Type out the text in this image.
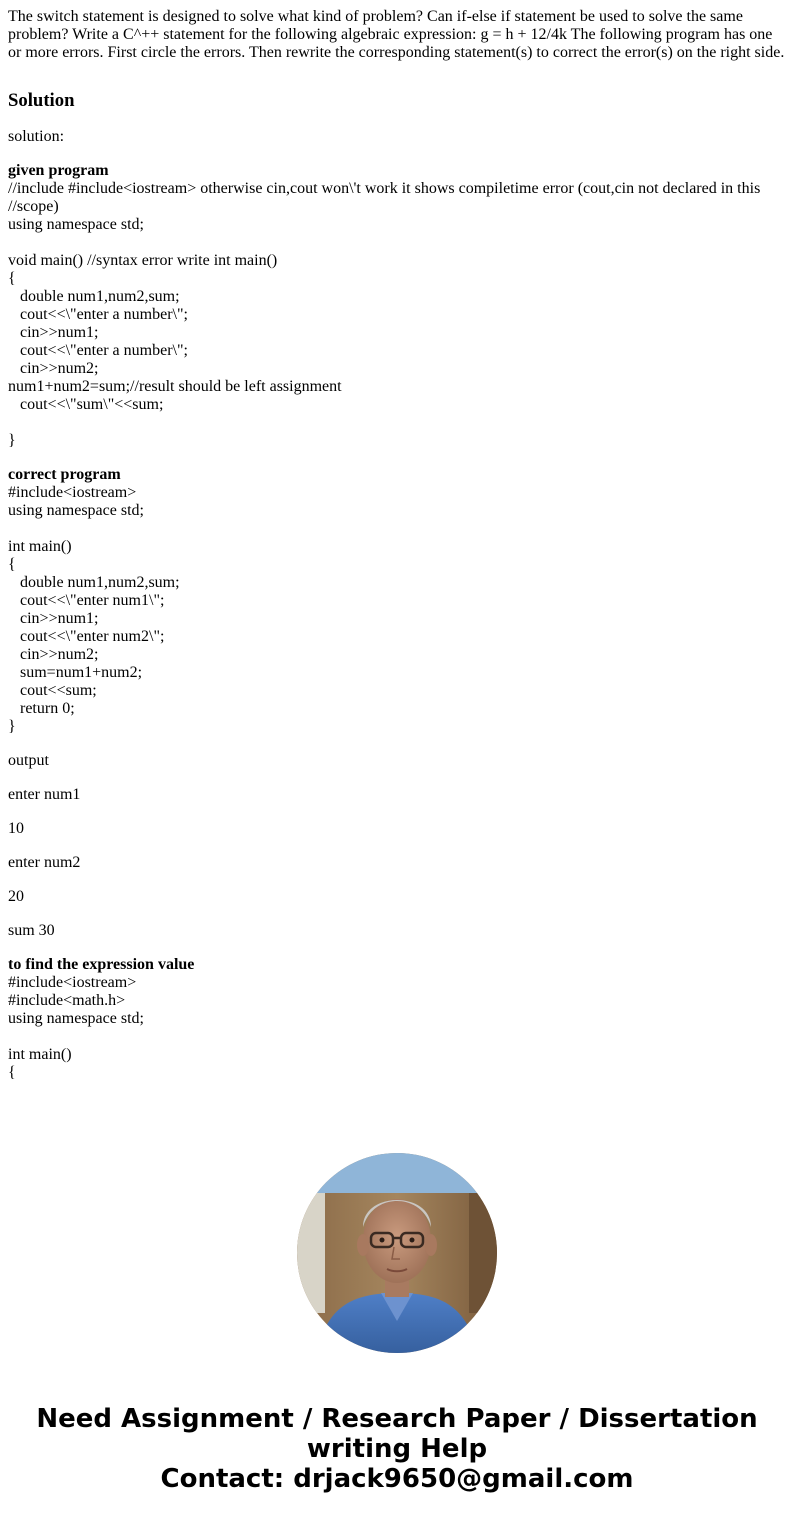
The switch statement is designed to solve what kind of problem? Can if-else if statement be used to solve the same problem? Write a C^++ statement for the following algebraic expression: g = h + 12/4k The following program has one or more errors. First circle the errors. Then rewrite the corresponding statement(s) to correct the error(s) on the right side.
Solution
solution:
given program
//include #include<iostream> otherwise cin,cout won\'t work it shows compiletime error (cout,cin not declared in this //scope)
using namespace std;

void main() //syntax error write int main()
{
double num1,num2,sum;
cout<<\"enter a number\";
cin>>num1;
cout<<\"enter a number\";
cin>>num2;
num1+num2=sum;//result should be left assignment
cout<<\"sum\"<<sum;

}
correct program
#include<iostream>
using namespace std;

int main()
{
double num1,num2,sum;
cout<<\"enter num1\";
cin>>num1;
cout<<\"enter num2\";
cin>>num2;
sum=num1+num2;
cout<<sum;
return 0;
}
output
enter num1
10
enter num2
20
sum 30
to find the expression value
#include<iostream>
#include<math.h>
using namespace std;

int main()
{
Need Assignment / Research Paper / Dissertation
writing Help
Contact: drjack9650@gmail.com
